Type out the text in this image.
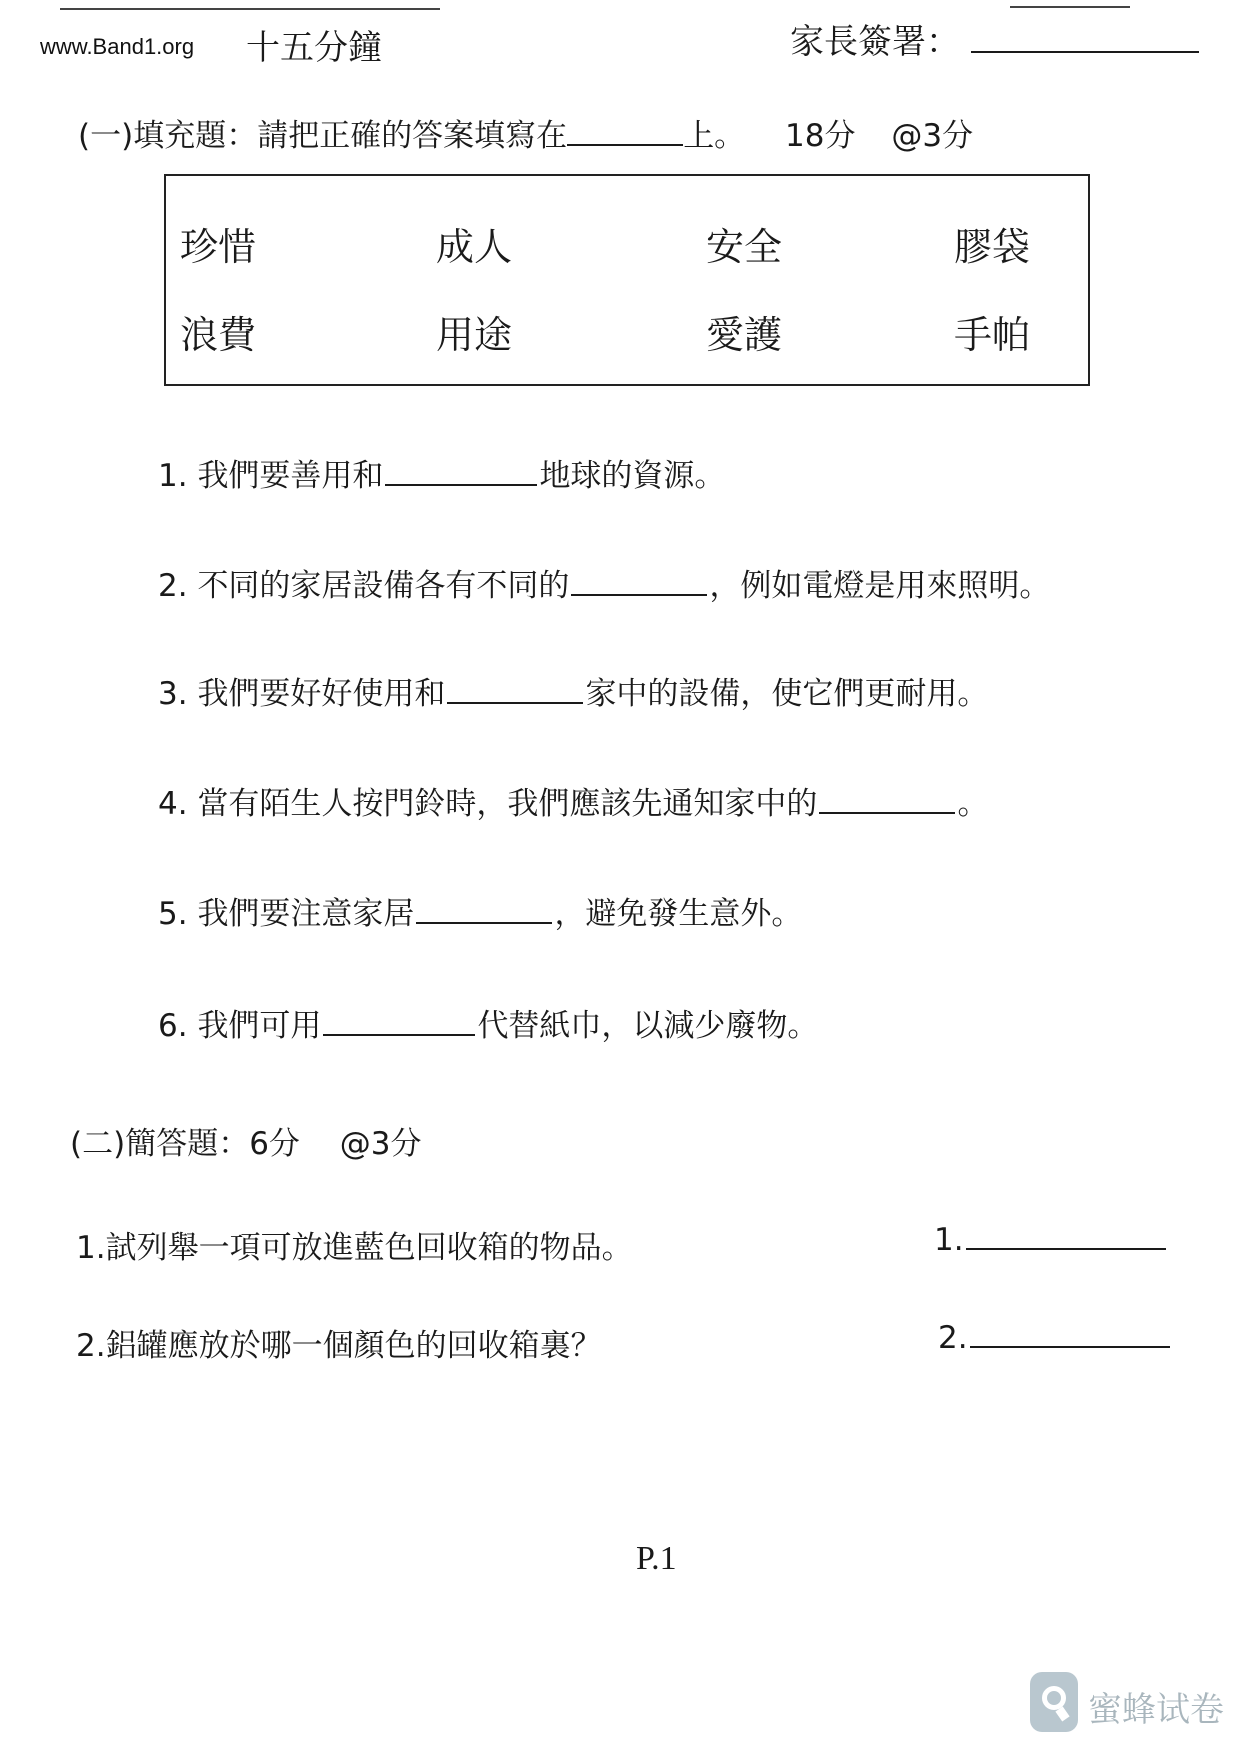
www.Band1.org 十五分鐘	家長簽署：
(一)填充題：請把正確的答案填寫在	上。 18分 @3分
珍惜	成人	安全	膠袋
浪費	用途	愛護	手帕
1. 我們要善用和	地球的資源。
2. 不同的家居設備各有不同的	，例如電燈是用來照明。
3. 我們要好好使用和	家中的設備，使它們更耐用。
4. 當有陌生人按門鈴時，我們應該先通知家中的	。
5. 我們要注意家居	，避免發生意外。
6. 我們可用	代替紙巾，以減少廢物。
(二)簡答題：6分 @3分
1.試列舉一項可放進藍色回收箱的物品。	1.
2.鋁罐應放於哪一個顏色的回收箱裏？	2.
P.1
蜜蜂试卷
